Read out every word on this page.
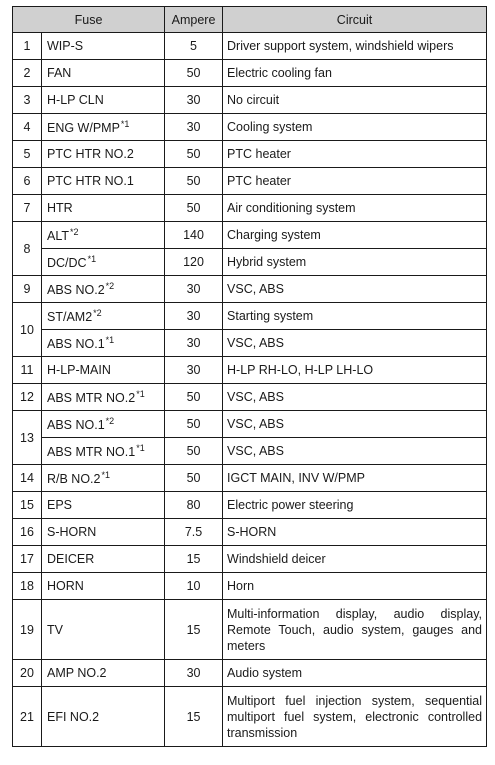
Fuse		Ampere	Circuit
1	WIP-S	5	Driver support system, windshield wipers
2	FAN	50	Electric cooling fan
3	H-LP CLN	30	No circuit
4	ENG W/PMP$^{*1}$	30	Cooling system
5	PTC HTR NO.2	50	PTC heater
6	PTC HTR NO.1	50	PTC heater
7	HTR	50	Air conditioning system
8	ALT$^{*2}$	140	Charging system
	DC/DC$^{*1}$	120	Hybrid system
9	ABS NO.2$^{*2}$	30	VSC, ABS
10	ST/AM2$^{*2}$	30	Starting system
	ABS NO.1$^{*1}$	30	VSC, ABS
11	H-LP-MAIN	30	H-LP RH-LO, H-LP LH-LO
12	ABS MTR NO.2$^{*1}$	50	VSC, ABS
13	ABS NO.1$^{*2}$	50	VSC, ABS
	ABS MTR NO.1$^{*1}$	50	VSC, ABS
14	R/B NO.2$^{*1}$	50	IGCT MAIN, INV W/PMP
15	EPS	80	Electric power steering
16	S-HORN	7.5	S-HORN
17	DEICER	15	Windshield deicer
18	HORN	10	Horn
19	TV	15	Multi-information display, audio display, Remote Touch, audio system, gauges and meters
20	AMP NO.2	30	Audio system
21	EFI NO.2	15	Multiport fuel injection system, sequential multiport fuel system, electronic controlled transmission
